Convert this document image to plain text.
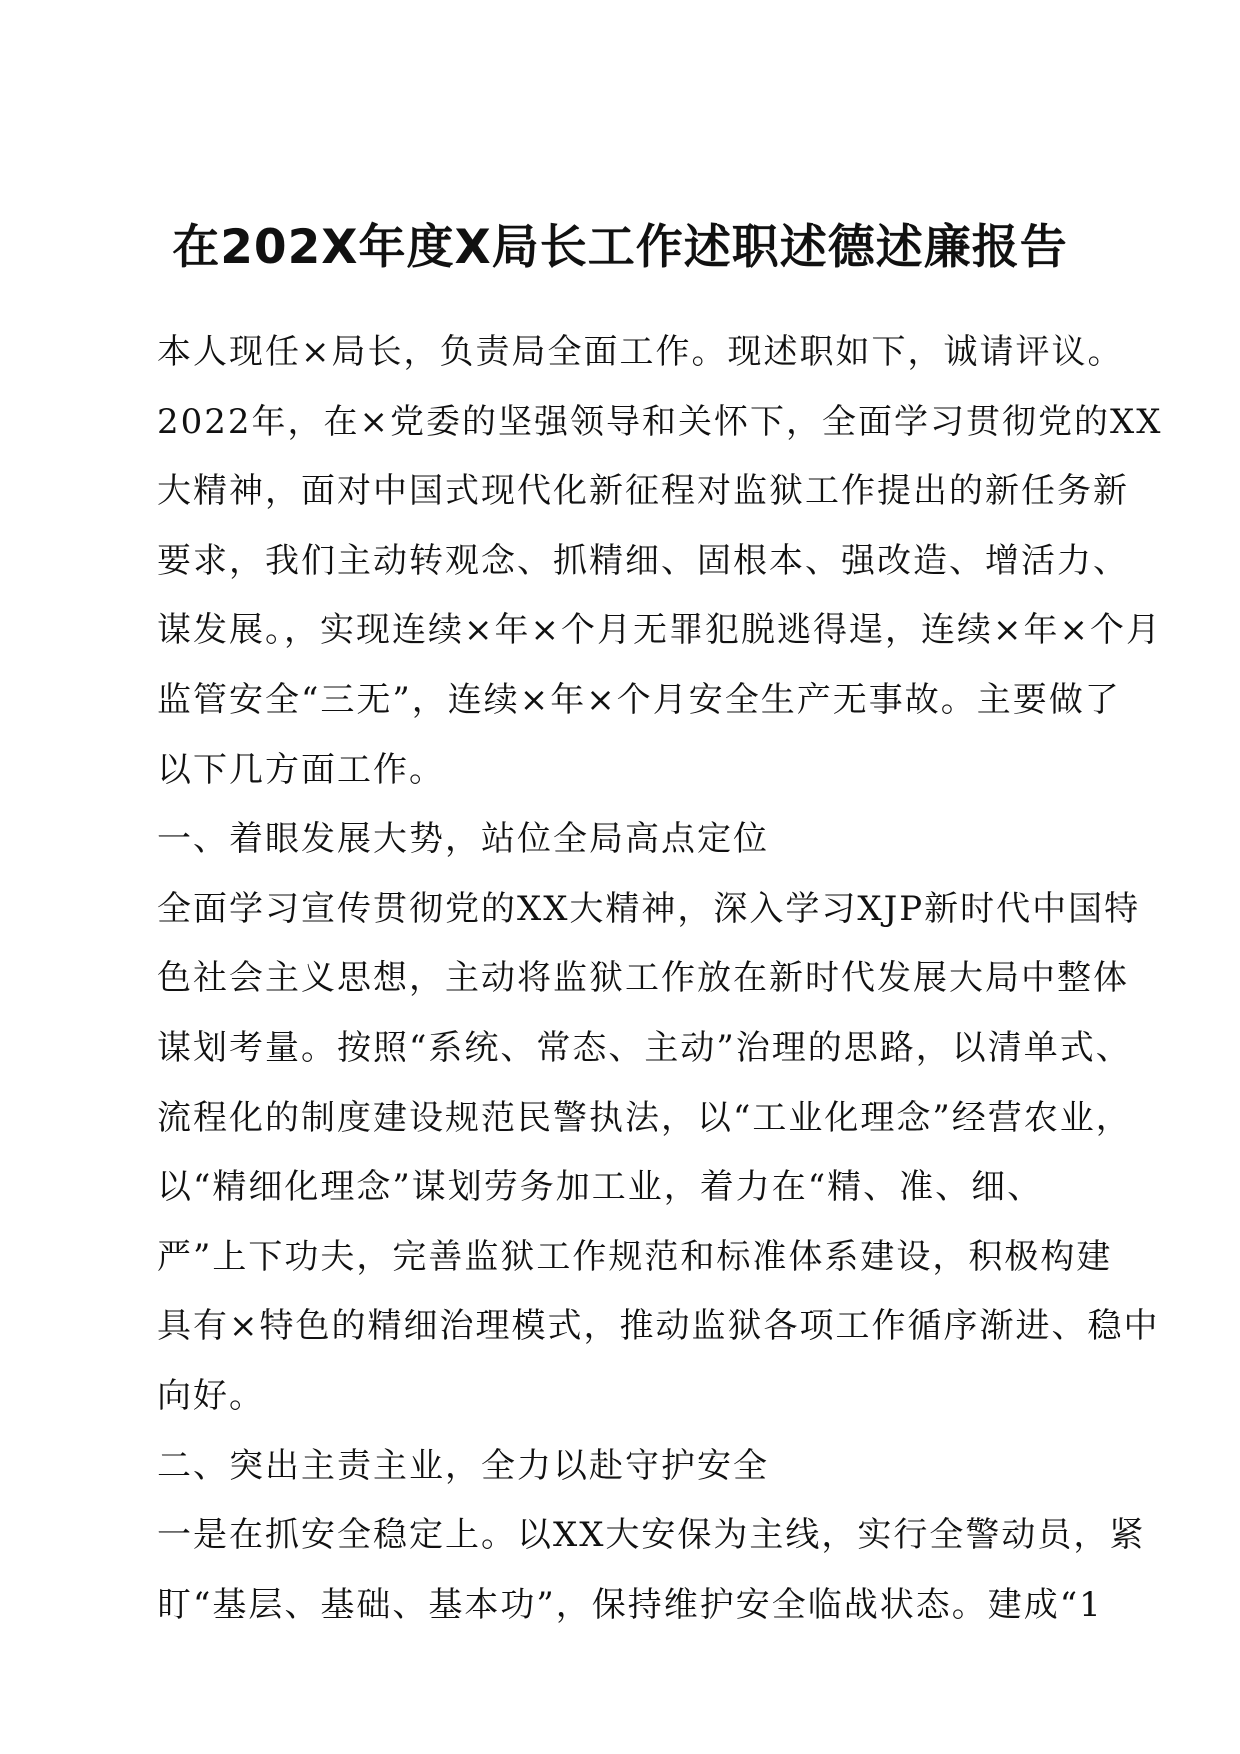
在202X年度X局长工作述职述德述廉报告

本人现任×局长，负责局全面工作。现述职如下，诚请评议。

2022年，在×党委的坚强领导和关怀下，全面学习贯彻党的XX

大精神，面对中国式现代化新征程对监狱工作提出的新任务新

要求，我们主动转观念、抓精细、固根本、强改造、增活力、

谋发展。，实现连续×年×个月无罪犯脱逃得逞，连续×年×个月

监管安全“三无”，连续×年×个月安全生产无事故。主要做了

以下几方面工作。

一、着眼发展大势，站位全局高点定位

全面学习宣传贯彻党的XX大精神，深入学习XJP新时代中国特

色社会主义思想，主动将监狱工作放在新时代发展大局中整体

谋划考量。按照“系统、常态、主动”治理的思路，以清单式、

流程化的制度建设规范民警执法，以“工业化理念”经营农业，

以“精细化理念”谋划劳务加工业，着力在“精、准、细、

严”上下功夫，完善监狱工作规范和标准体系建设，积极构建

具有×特色的精细治理模式，推动监狱各项工作循序渐进、稳中

向好。

二、突出主责主业，全力以赴守护安全

一是在抓安全稳定上。以XX大安保为主线，实行全警动员，紧

盯“基层、基础、基本功”，保持维护安全临战状态。建成“1
